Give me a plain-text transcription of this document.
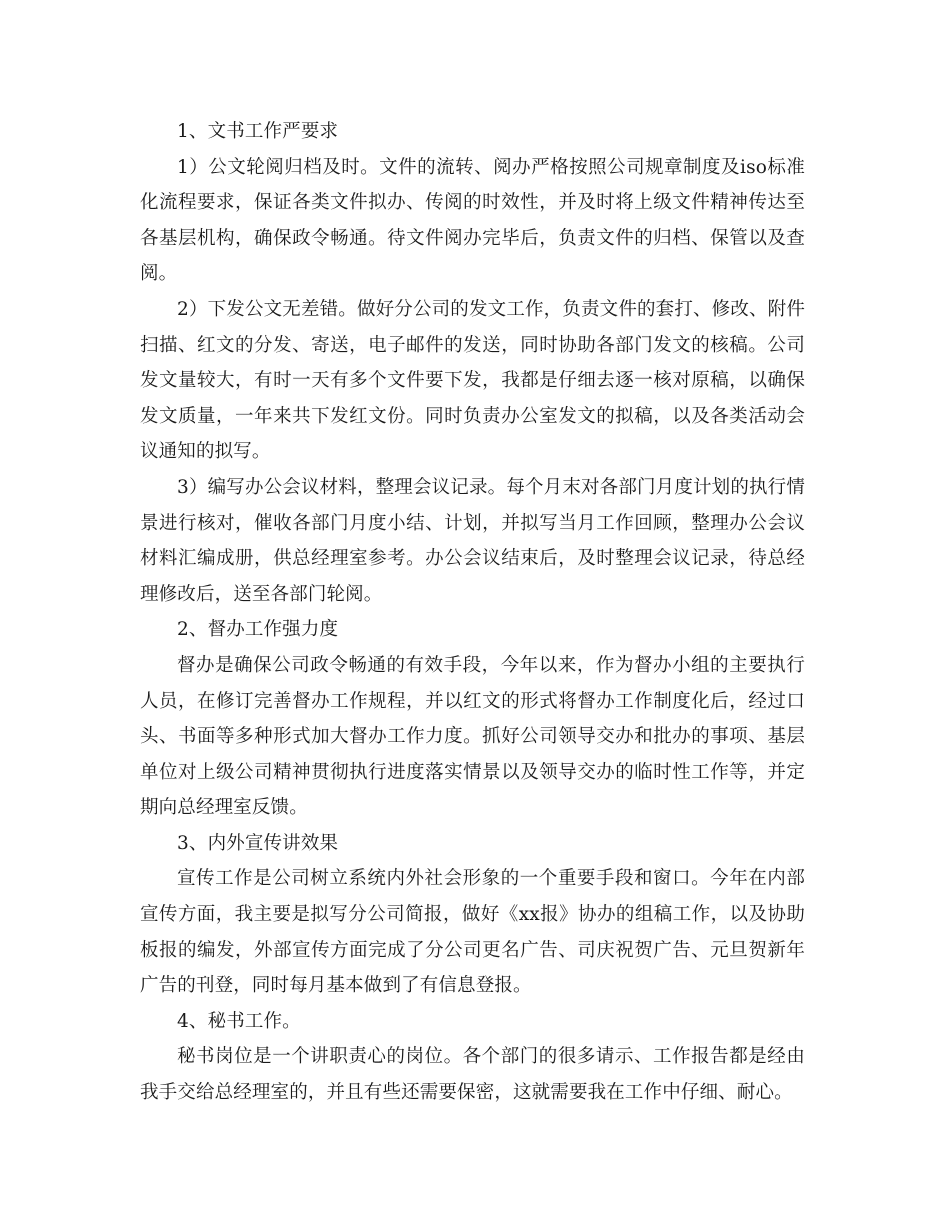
1、文书工作严要求

1）公文轮阅归档及时。文件的流转、阅办严格按照公司规章制度及iso标准化流程要求，保证各类文件拟办、传阅的时效性，并及时将上级文件精神传达至各基层机构，确保政令畅通。待文件阅办完毕后，负责文件的归档、保管以及查阅。

2）下发公文无差错。做好分公司的发文工作，负责文件的套打、修改、附件扫描、红文的分发、寄送，电子邮件的发送，同时协助各部门发文的核稿。公司发文量较大，有时一天有多个文件要下发，我都是仔细去逐一核对原稿，以确保发文质量，一年来共下发红文份。同时负责办公室发文的拟稿，以及各类活动会议通知的拟写。

3）编写办公会议材料，整理会议记录。每个月末对各部门月度计划的执行情景进行核对，催收各部门月度小结、计划，并拟写当月工作回顾，整理办公会议材料汇编成册，供总经理室参考。办公会议结束后，及时整理会议记录，待总经理修改后，送至各部门轮阅。

2、督办工作强力度

督办是确保公司政令畅通的有效手段，今年以来，作为督办小组的主要执行人员，在修订完善督办工作规程，并以红文的形式将督办工作制度化后，经过口头、书面等多种形式加大督办工作力度。抓好公司领导交办和批办的事项、基层单位对上级公司精神贯彻执行进度落实情景以及领导交办的临时性工作等，并定期向总经理室反馈。

3、内外宣传讲效果

宣传工作是公司树立系统内外社会形象的一个重要手段和窗口。今年在内部宣传方面，我主要是拟写分公司简报，做好《xx报》协办的组稿工作，以及协助板报的编发，外部宣传方面完成了分公司更名广告、司庆祝贺广告、元旦贺新年广告的刊登，同时每月基本做到了有信息登报。

4、秘书工作。

秘书岗位是一个讲职责心的岗位。各个部门的很多请示、工作报告都是经由我手交给总经理室的，并且有些还需要保密，这就需要我在工作中仔细、耐心。
